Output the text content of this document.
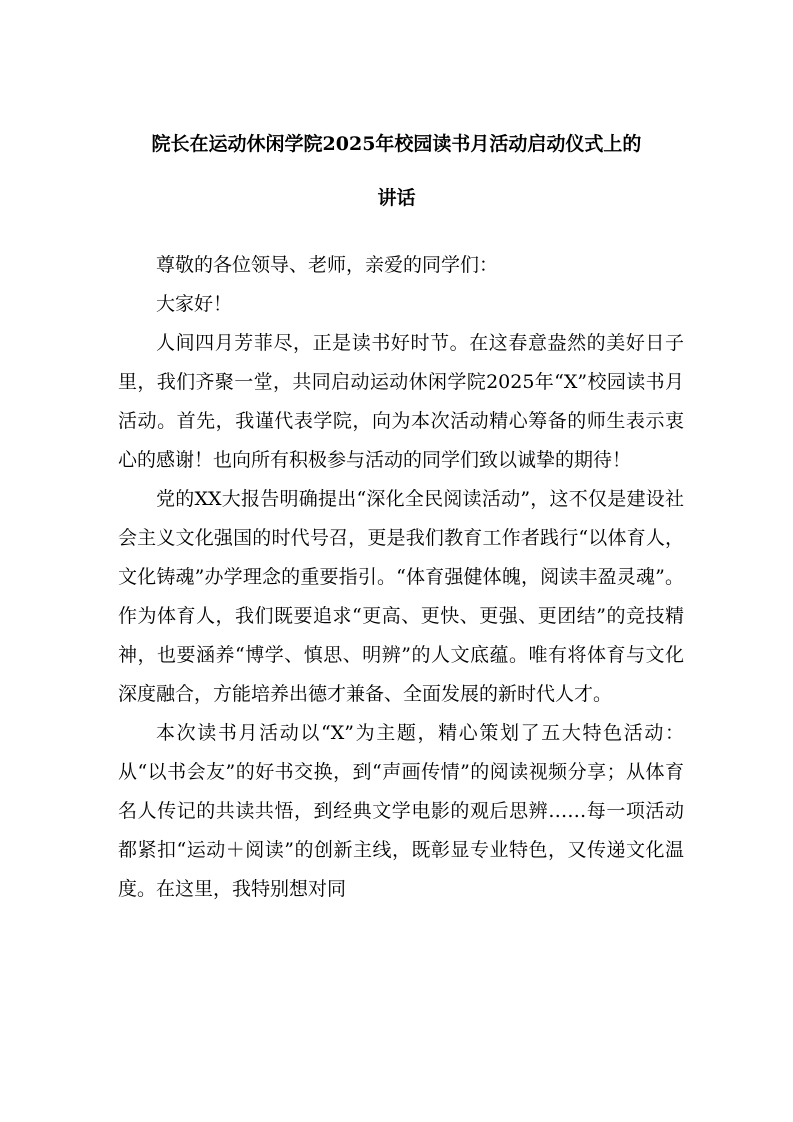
院长在运动休闲学院2025年校园读书月活动启动仪式上的
讲话

尊敬的各位领导、老师，亲爱的同学们：

大家好！

人间四月芳菲尽，正是读书好时节。在这春意盎然的美好日子里，我们齐聚一堂，共同启动运动休闲学院2025年“X”校园读书月活动。首先，我谨代表学院，向为本次活动精心筹备的师生表示衷心的感谢！也向所有积极参与活动的同学们致以诚挚的期待！

党的XX大报告明确提出“深化全民阅读活动”，这不仅是建设社会主义文化强国的时代号召，更是我们教育工作者践行“以体育人，文化铸魂”办学理念的重要指引。“体育强健体魄，阅读丰盈灵魂”。作为体育人，我们既要追求“更高、更快、更强、更团结”的竞技精神，也要涵养“博学、慎思、明辨”的人文底蕴。唯有将体育与文化深度融合，方能培养出德才兼备、全面发展的新时代人才。

本次读书月活动以“X”为主题，精心策划了五大特色活动：从“以书会友”的好书交换，到“声画传情”的阅读视频分享；从体育名人传记的共读共悟，到经典文学电影的观后思辨……每一项活动都紧扣“运动＋阅读”的创新主线，既彰显专业特色，又传递文化温度。在这里，我特别想对同
